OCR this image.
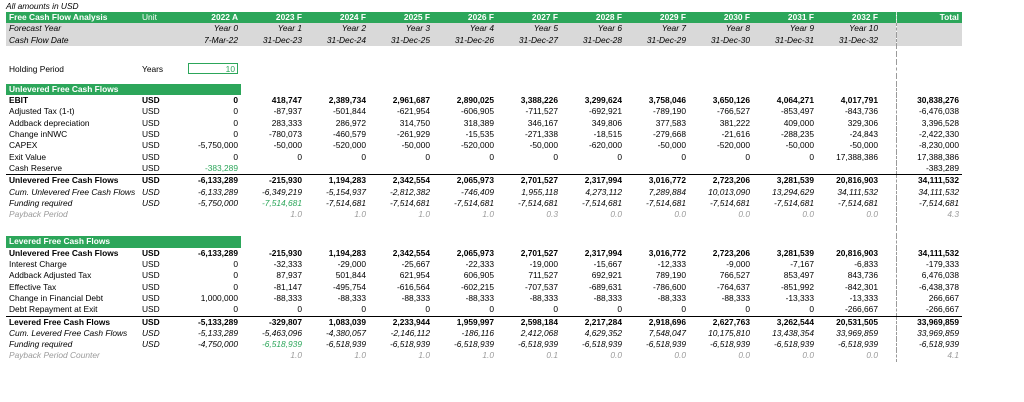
All amounts in USD
Free Cash Flow Analysis	Unit	2022 A	2023 F	2024 F	2025 F	2026 F	2027 F	2028 F	2029 F	2030 F	2031 F	2032 F		Total
Forecast Year		Year 0	Year 1	Year 2	Year 3	Year 4	Year 5	Year 6	Year 7	Year 8	Year 9	Year 10		
Cash Flow Date		7-Mar-22	31-Dec-23	31-Dec-24	31-Dec-25	31-Dec-26	31-Dec-27	31-Dec-28	31-Dec-29	31-Dec-30	31-Dec-31	31-Dec-32		

Holding Period	Years	10												

Unlevered Free Cash Flows														
EBIT	USD	0	418,747	2,389,734	2,961,687	2,890,025	3,388,226	3,299,624	3,758,046	3,650,126	4,064,271	4,017,791		30,838,276
Adjusted Tax (1-t)	USD	0	-87,937	-501,844	-621,954	-606,905	-711,527	-692,921	-789,190	-766,527	-853,497	-843,736		-6,476,038
Addback depreciation	USD	0	283,333	286,972	314,750	318,389	346,167	349,806	377,583	381,222	409,000	329,306		3,396,528
Change inNWC	USD	0	-780,073	-460,579	-261,929	-15,535	-271,338	-18,515	-279,668	-21,616	-288,235	-24,843		-2,422,330
CAPEX	USD	-5,750,000	-50,000	-520,000	-50,000	-520,000	-50,000	-620,000	-50,000	-520,000	-50,000	-50,000		-8,230,000
Exit Value	USD	0	0	0	0	0	0	0	0	0	0	17,388,386		17,388,386
Cash Reserve	USD	-383,289												-383,289
Unlevered Free Cash Flows	USD	-6,133,289	-215,930	1,194,283	2,342,554	2,065,973	2,701,527	2,317,994	3,016,772	2,723,206	3,281,539	20,816,903		34,111,532
Cum. Unlevered Free Cash Flows	USD	-6,133,289	-6,349,219	-5,154,937	-2,812,382	-746,409	1,955,118	4,273,112	7,289,884	10,013,090	13,294,629	34,111,532		34,111,532
Funding required	USD	-5,750,000	-7,514,681	-7,514,681	-7,514,681	-7,514,681	-7,514,681	-7,514,681	-7,514,681	-7,514,681	-7,514,681	-7,514,681		-7,514,681
Payback Period			1.0	1.0	1.0	1.0	0.3	0.0	0.0	0.0	0.0	0.0		4.3

Levered Free Cash Flows														
Unlevered Free Cash Flows	USD	-6,133,289	-215,930	1,194,283	2,342,554	2,065,973	2,701,527	2,317,994	3,016,772	2,723,206	3,281,539	20,816,903		34,111,532
Interest Charge	USD	0	-32,333	-29,000	-25,667	-22,333	-19,000	-15,667	-12,333	-9,000	-7,167	-6,833		-179,333
Addback Adjusted Tax	USD	0	87,937	501,844	621,954	606,905	711,527	692,921	789,190	766,527	853,497	843,736		6,476,038
Effective Tax	USD	0	-81,147	-495,754	-616,564	-602,215	-707,537	-689,631	-786,600	-764,637	-851,992	-842,301		-6,438,378
Change in Financial Debt	USD	1,000,000	-88,333	-88,333	-88,333	-88,333	-88,333	-88,333	-88,333	-88,333	-13,333	-13,333		266,667
Debt Repayment at Exit	USD	0	0	0	0	0	0	0	0	0	0	-266,667		-266,667
Levered Free Cash Flows	USD	-5,133,289	-329,807	1,083,039	2,233,944	1,959,997	2,598,184	2,217,284	2,918,696	2,627,763	3,262,544	20,531,505		33,969,859
Cum. Levered Free Cash Flows	USD	-5,133,289	-5,463,096	-4,380,057	-2,146,112	-186,116	2,412,068	4,629,352	7,548,047	10,175,810	13,438,354	33,969,859		33,969,859
Funding required	USD	-4,750,000	-6,518,939	-6,518,939	-6,518,939	-6,518,939	-6,518,939	-6,518,939	-6,518,939	-6,518,939	-6,518,939	-6,518,939		-6,518,939
Payback Period Counter			1.0	1.0	1.0	1.0	0.1	0.0	0.0	0.0	0.0	0.0		4.1
